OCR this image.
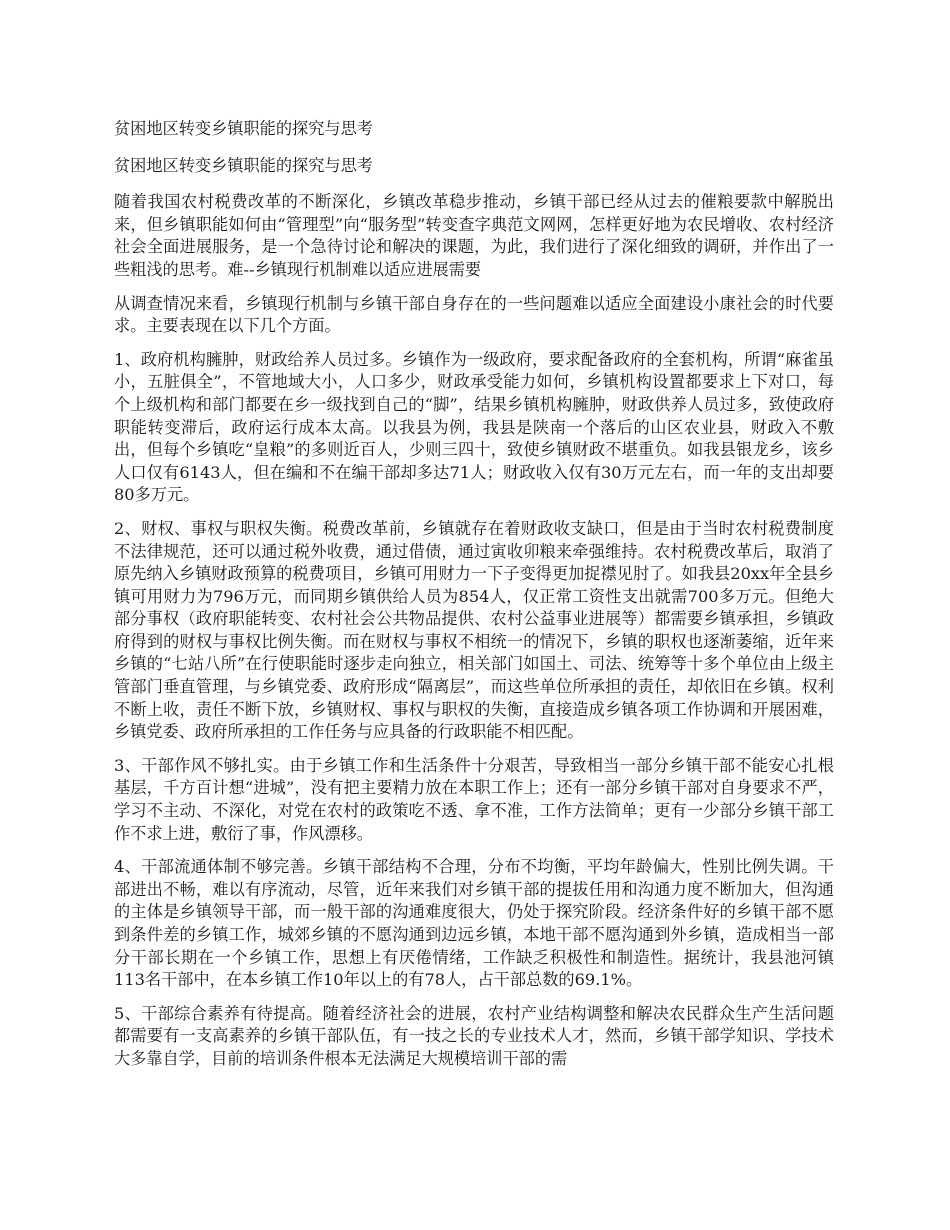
贫困地区转变乡镇职能的探究与思考
贫困地区转变乡镇职能的探究与思考

随着我国农村税费改革的不断深化，乡镇改革稳步推动，乡镇干部已经从过去的催粮要款中解脱出来，但乡镇职能如何由“管理型”向“服务型”转变查字典范文网网，怎样更好地为农民增收、农村经济社会全面进展服务，是一个急待讨论和解决的课题，为此，我们进行了深化细致的调研，并作出了一些粗浅的思考。难--乡镇现行机制难以适应进展需要

从调查情况来看，乡镇现行机制与乡镇干部自身存在的一些问题难以适应全面建设小康社会的时代要求。主要表现在以下几个方面。

1、政府机构臃肿，财政给养人员过多。乡镇作为一级政府，要求配备政府的全套机构，所谓“麻雀虽小，五脏俱全”，不管地域大小，人口多少，财政承受能力如何，乡镇机构设置都要求上下对口，每个上级机构和部门都要在乡一级找到自己的“脚”，结果乡镇机构臃肿，财政供养人员过多，致使政府职能转变滞后，政府运行成本太高。以我县为例，我县是陕南一个落后的山区农业县，财政入不敷出，但每个乡镇吃“皇粮”的多则近百人，少则三四十，致使乡镇财政不堪重负。如我县银龙乡，该乡人口仅有6143人，但在编和不在编干部却多达71人；财政收入仅有30万元左右，而一年的支出却要80多万元。

2、财权、事权与职权失衡。税费改革前，乡镇就存在着财政收支缺口，但是由于当时农村税费制度不法律规范，还可以通过税外收费，通过借债，通过寅收卯粮来牵强维持。农村税费改革后，取消了原先纳入乡镇财政预算的税费项目，乡镇可用财力一下子变得更加捉襟见肘了。如我县20xx年全县乡镇可用财力为796万元，而同期乡镇供给人员为854人，仅正常工资性支出就需700多万元。但绝大部分事权（政府职能转变、农村社会公共物品提供、农村公益事业进展等）都需要乡镇承担，乡镇政府得到的财权与事权比例失衡。而在财权与事权不相统一的情况下，乡镇的职权也逐渐萎缩，近年来乡镇的“七站八所”在行使职能时逐步走向独立，相关部门如国土、司法、统筹等十多个单位由上级主管部门垂直管理，与乡镇党委、政府形成“隔离层”，而这些单位所承担的责任，却依旧在乡镇。权利不断上收，责任不断下放，乡镇财权、事权与职权的失衡，直接造成乡镇各项工作协调和开展困难，乡镇党委、政府所承担的工作任务与应具备的行政职能不相匹配。

3、干部作风不够扎实。由于乡镇工作和生活条件十分艰苦，导致相当一部分乡镇干部不能安心扎根基层，千方百计想“进城”，没有把主要精力放在本职工作上；还有一部分乡镇干部对自身要求不严，学习不主动、不深化，对党在农村的政策吃不透、拿不准，工作方法简单；更有一少部分乡镇干部工作不求上进，敷衍了事，作风漂移。

4、干部流通体制不够完善。乡镇干部结构不合理，分布不均衡，平均年龄偏大，性别比例失调。干部进出不畅，难以有序流动，尽管，近年来我们对乡镇干部的提拔任用和沟通力度不断加大，但沟通的主体是乡镇领导干部，而一般干部的沟通难度很大，仍处于探究阶段。经济条件好的乡镇干部不愿到条件差的乡镇工作，城郊乡镇的不愿沟通到边远乡镇，本地干部不愿沟通到外乡镇，造成相当一部分干部长期在一个乡镇工作，思想上有厌倦情绪，工作缺乏积极性和制造性。据统计，我县池河镇113名干部中，在本乡镇工作10年以上的有78人，占干部总数的69.1%。

5、干部综合素养有待提高。随着经济社会的进展，农村产业结构调整和解决农民群众生产生活问题都需要有一支高素养的乡镇干部队伍，有一技之长的专业技术人才，然而，乡镇干部学知识、学技术大多靠自学，目前的培训条件根本无法满足大规模培训干部的需
